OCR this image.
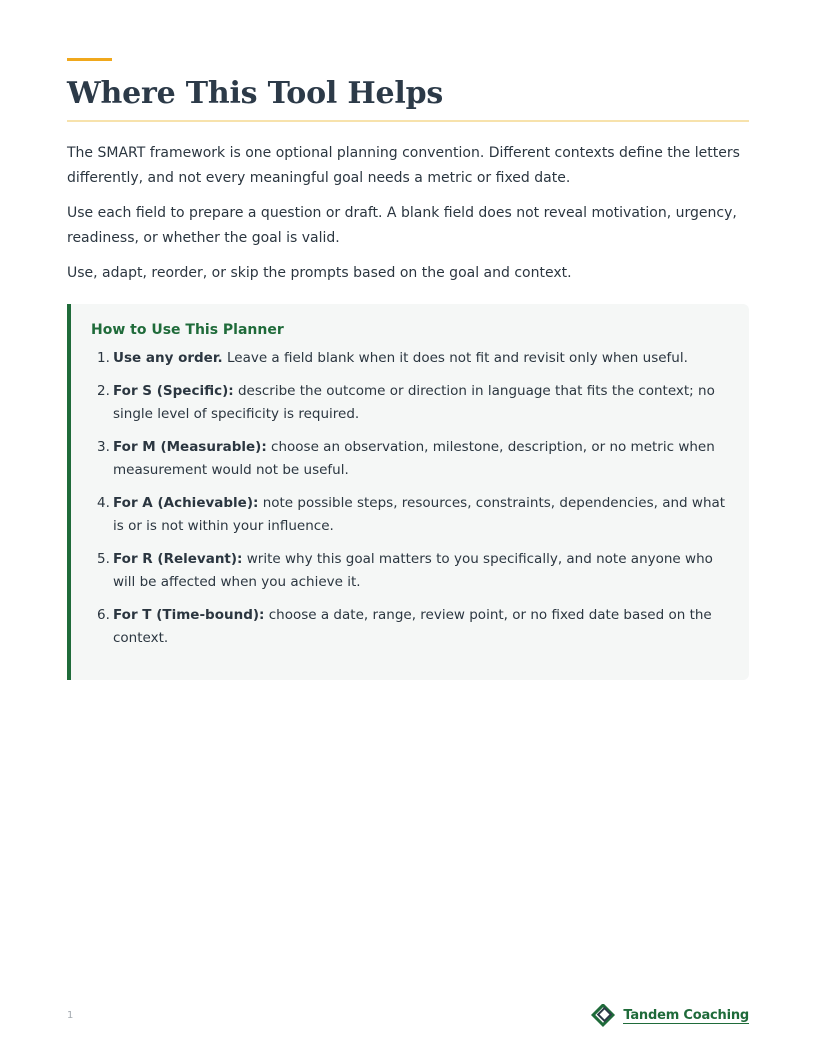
Where This Tool Helps

The SMART framework is one optional planning convention. Different contexts define the letters differently, and not every meaningful goal needs a metric or fixed date.

Use each field to prepare a question or draft. A blank field does not reveal motivation, urgency, readiness, or whether the goal is valid.

Use, adapt, reorder, or skip the prompts based on the goal and context.

How to Use This Planner
1. Use any order. Leave a field blank when it does not fit and revisit only when useful.
2. For S (Specific): describe the outcome or direction in language that fits the context; no single level of specificity is required.
3. For M (Measurable): choose an observation, milestone, description, or no metric when measurement would not be useful.
4. For A (Achievable): note possible steps, resources, constraints, dependencies, and what is or is not within your influence.
5. For R (Relevant): write why this goal matters to you specifically, and note anyone who will be affected when you achieve it.
6. For T (Time-bound): choose a date, range, review point, or no fixed date based on the context.
1	Tandem Coaching
